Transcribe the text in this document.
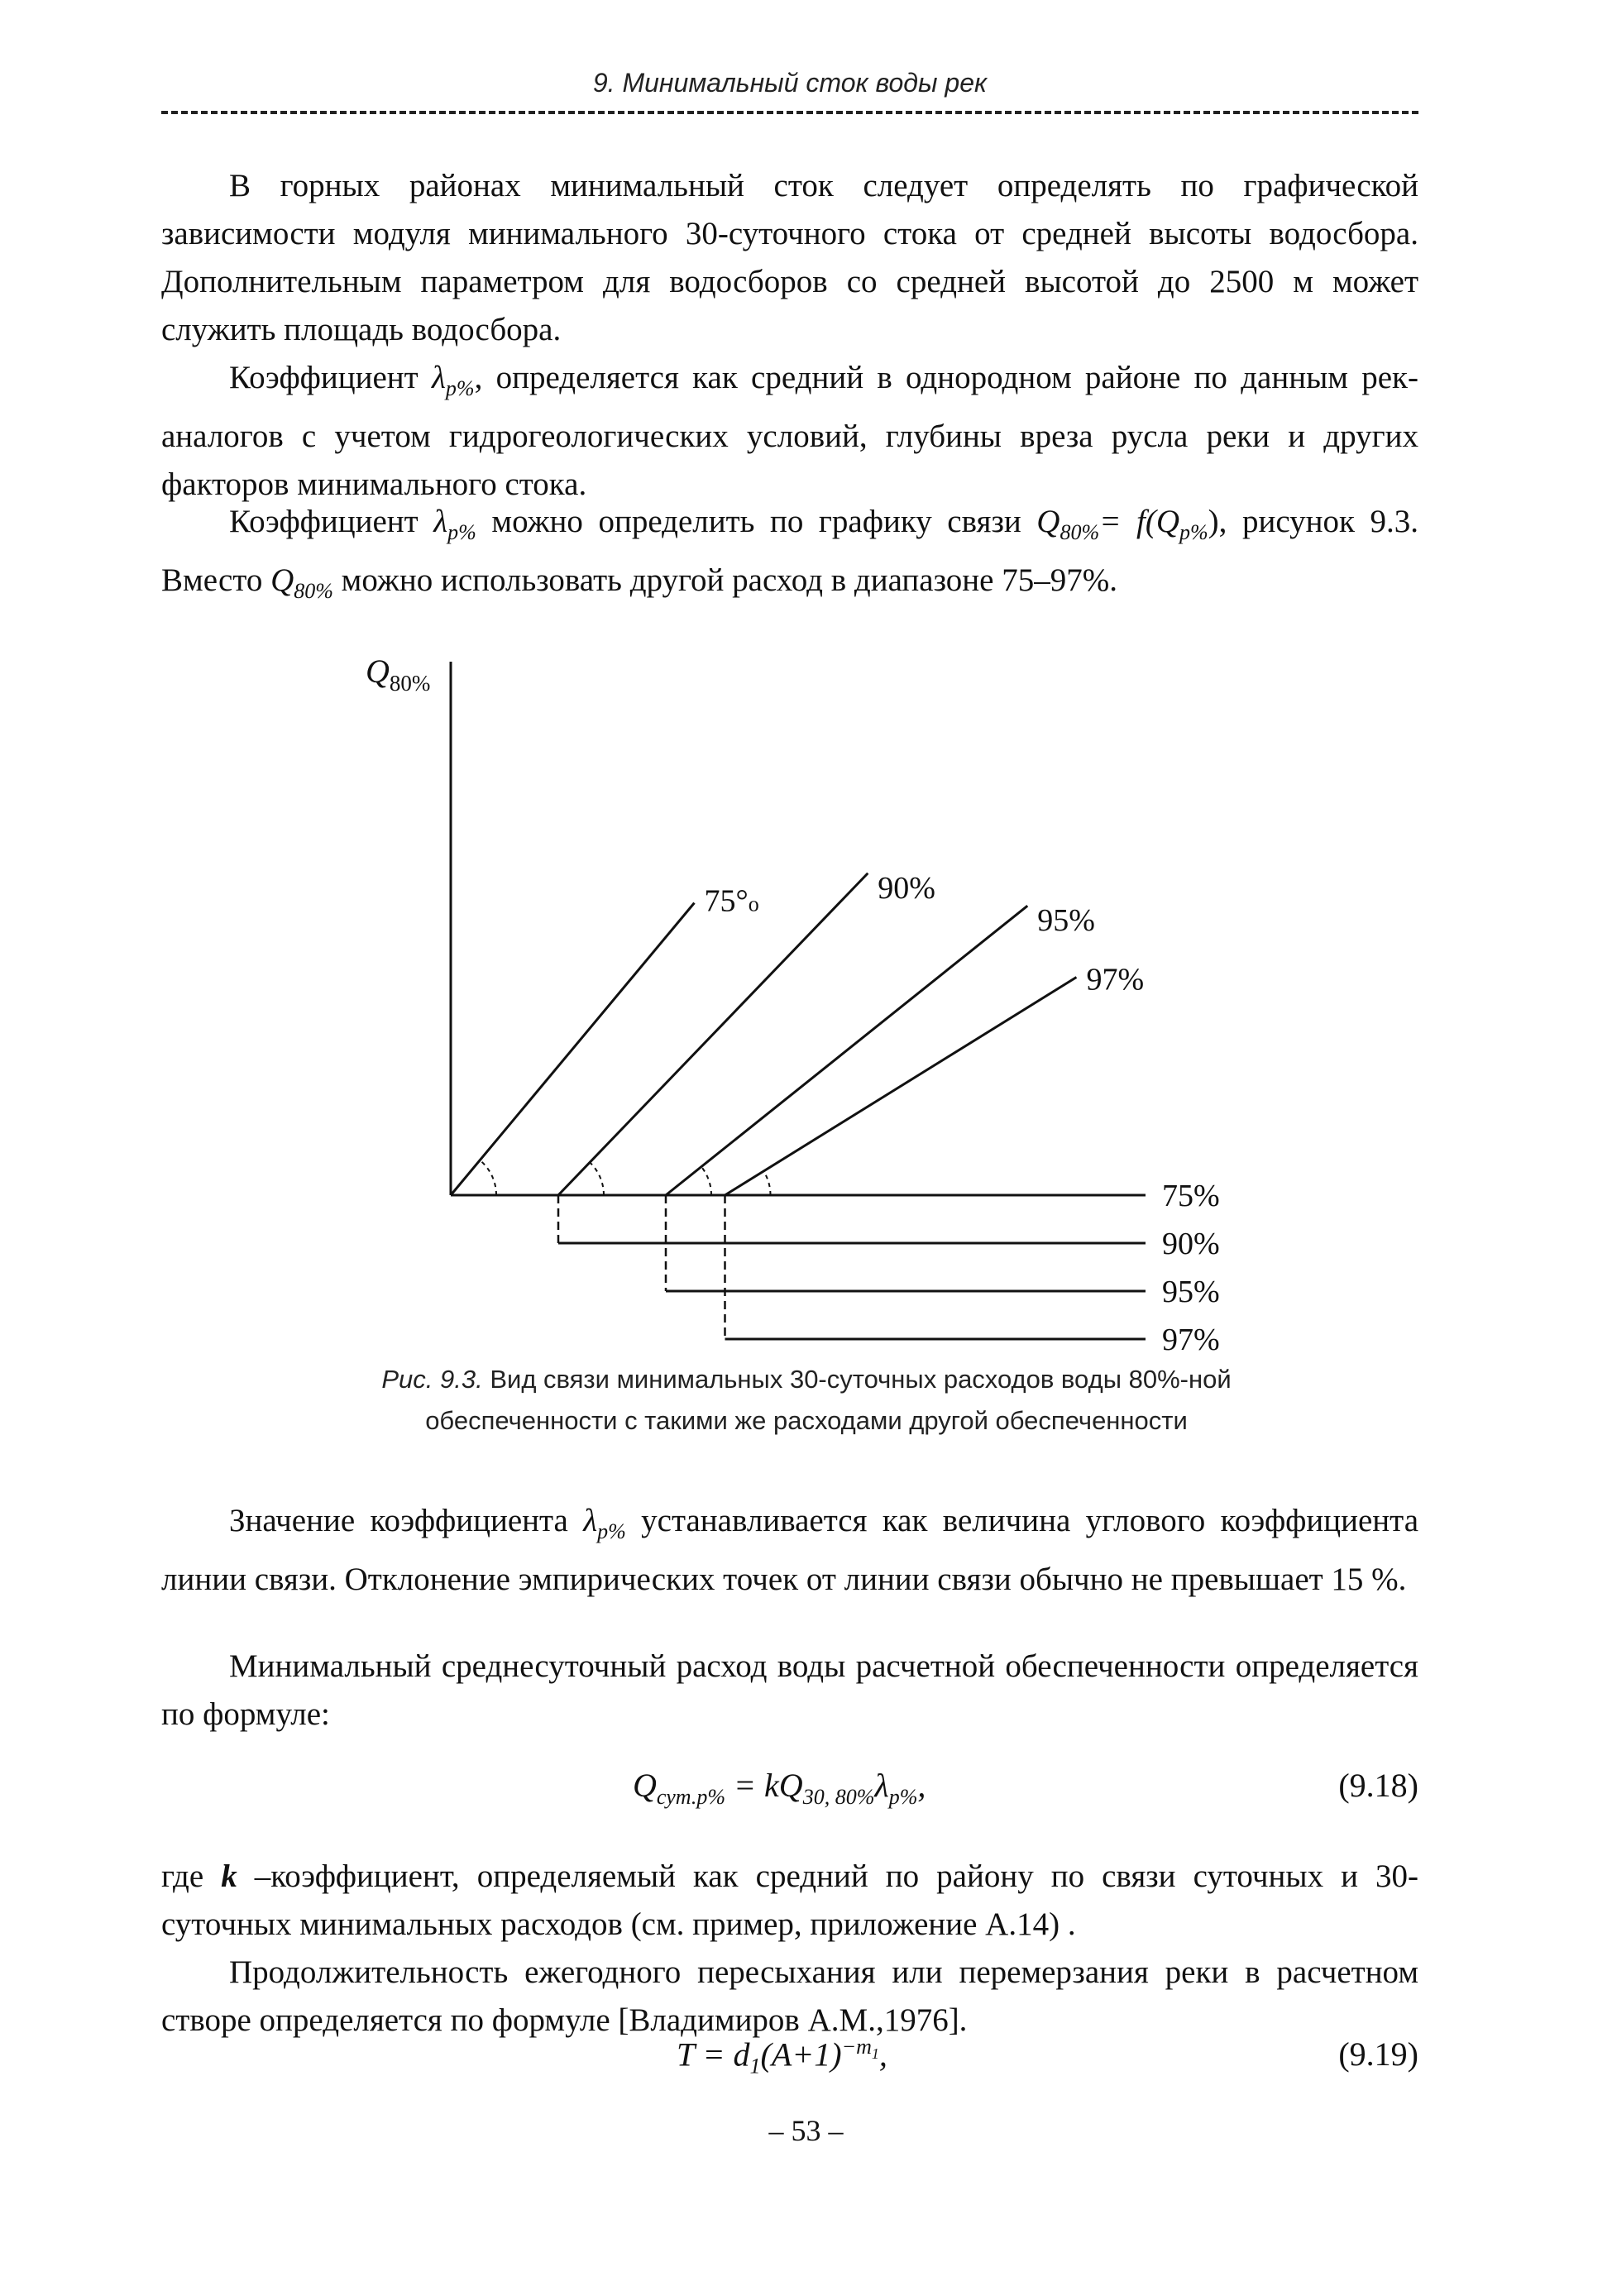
9. Минимальный сток воды рек

В горных районах минимальный сток следует определять по графической зависимости модуля минимального 30-суточного стока от средней высоты водосбора. Дополнительным параметром для водосборов со средней высотой до 2500 м может служить площадь водосбора.

Коэффициент $\lambda_{p\%}$, определяется как средний в однородном районе по данным рек-аналогов с учетом гидрогеологических условий, глубины вреза русла реки и других факторов минимального стока.

Коэффициент $\lambda_{p\%}$ можно определить по графику связи $Q_{80\%}= f(Q_{p\%})$, рисунок 9.3. Вместо $Q_{80\%}$ можно использовать другой расход в диапазоне 75–97%.

$Q_{80\%}$
75%
90%
95%
97%
75°о	90%
95%
97%
Рис. 9.3. Вид связи минимальных 30-суточных расходов воды 80%-ной обеспеченности с такими же расходами другой обеспеченности

Значение коэффициента $\lambda_{p\%}$ устанавливается как величина углового коэффициента линии связи. Отклонение эмпирических точек от линии связи обычно не превышает 15 %.

Минимальный среднесуточный расход воды расчетной обеспеченности определяется по формуле:

$Q_{сут.p\%} = kQ_{30, 80\%}\lambda_{p\%}$,	(9.18)

где k –коэффициент, определяемый как средний по району по связи суточных и 30-суточных минимальных расходов (см. пример, приложение А.14) .

Продолжительность ежегодного пересыхания или перемерзания реки в расчетном створе определяется по формуле [Владимиров А.М.,1976].

$T = d_1(A+1)^{-m_1}$,	(9.19)
– 53 –
